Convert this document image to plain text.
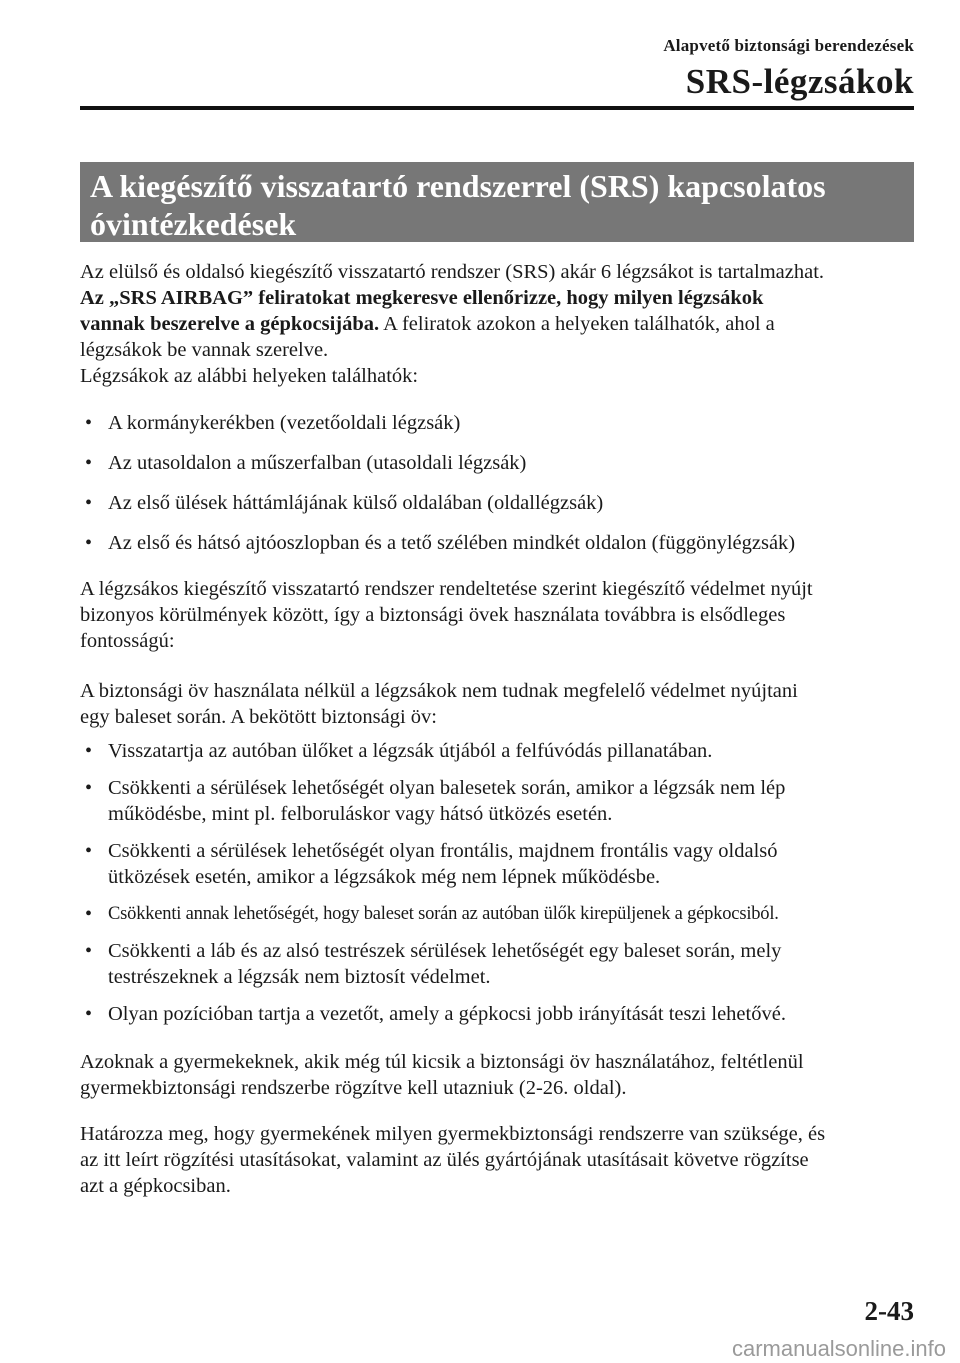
Alapvető biztonsági berendezések
SRS-légzsákok
A kiegészítő visszatartó rendszerrel (SRS) kapcsolatos
óvintézkedések

Az elülső és oldalsó kiegészítő visszatartó rendszer (SRS) akár 6 légzsákot is tartalmazhat.
Az „SRS AIRBAG” feliratokat megkeresve ellenőrizze, hogy milyen légzsákok
vannak beszerelve a gépkocsijába. A feliratok azokon a helyeken találhatók, ahol a
légzsákok be vannak szerelve.
Légzsákok az alábbi helyeken találhatók:

• A kormánykerékben (vezetőoldali légzsák)
• Az utasoldalon a műszerfalban (utasoldali légzsák)
• Az első ülések háttámlájának külső oldalában (oldallégzsák)
• Az első és hátsó ajtóoszlopban és a tető szélében mindkét oldalon (függönylégzsák)

A légzsákos kiegészítő visszatartó rendszer rendeltetése szerint kiegészítő védelmet nyújt
bizonyos körülmények között, így a biztonsági övek használata továbbra is elsődleges
fontosságú:

A biztonsági öv használata nélkül a légzsákok nem tudnak megfelelő védelmet nyújtani
egy baleset során. A bekötött biztonsági öv:

• Visszatartja az autóban ülőket a légzsák útjából a felfúvódás pillanatában.
• Csökkenti a sérülések lehetőségét olyan balesetek során, amikor a légzsák nem lép
működésbe, mint pl. felboruláskor vagy hátsó ütközés esetén.
• Csökkenti a sérülések lehetőségét olyan frontális, majdnem frontális vagy oldalsó
ütközések esetén, amikor a légzsákok még nem lépnek működésbe.
• Csökkenti annak lehetőségét, hogy baleset során az autóban ülők kirepüljenek a gépkocsiból.
• Csökkenti a láb és az alsó testrészek sérülések lehetőségét egy baleset során, mely
testrészeknek a légzsák nem biztosít védelmet.
• Olyan pozícióban tartja a vezetőt, amely a gépkocsi jobb irányítását teszi lehetővé.

Azoknak a gyermekeknek, akik még túl kicsik a biztonsági öv használatához, feltétlenül
gyermekbiztonsági rendszerbe rögzítve kell utazniuk (2-26. oldal).

Határozza meg, hogy gyermekének milyen gyermekbiztonsági rendszerre van szüksége, és
az itt leírt rögzítési utasításokat, valamint az ülés gyártójának utasításait követve rögzítse
azt a gépkocsiban.

2-43
carmanualsonline.info
